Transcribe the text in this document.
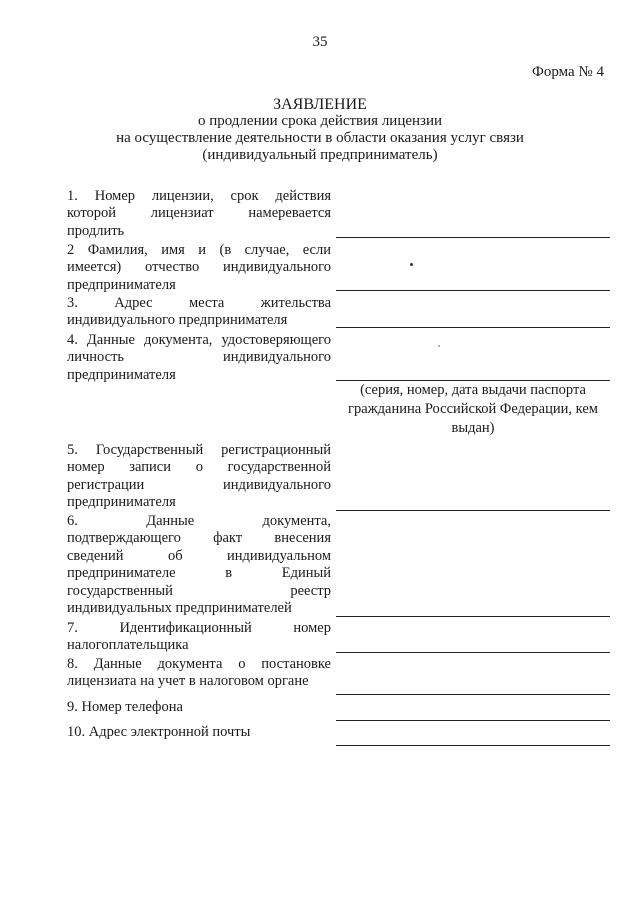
35
Форма № 4
ЗАЯВЛЕНИЕ
о продлении срока действия лицензии
на осуществление деятельности в области оказания услуг связи
(индивидуальный предприниматель)
1. Номер лицензии, срок действия
которой лицензиат намеревается
продлить
2 Фамилия, имя и (в случае, если
имеется) отчество индивидуального
предпринимателя
3. Адрес места жительства
индивидуального предпринимателя
4. Данные документа, удостоверяющего
личность индивидуального
предпринимателя
(серия, номер, дата выдачи паспорта
гражданина Российской Федерации, кем
выдан)
5. Государственный регистрационный
номер записи о государственной
регистрации индивидуального
предпринимателя
6. Данные документа,
подтверждающего факт внесения
сведений об индивидуальном
предпринимателе в Единый
государственный реестр
индивидуальных предпринимателей
7. Идентификационный номер
налогоплательщика
8. Данные документа о постановке
лицензиата на учет в налоговом органе
9. Номер телефона
10. Адрес электронной почты
